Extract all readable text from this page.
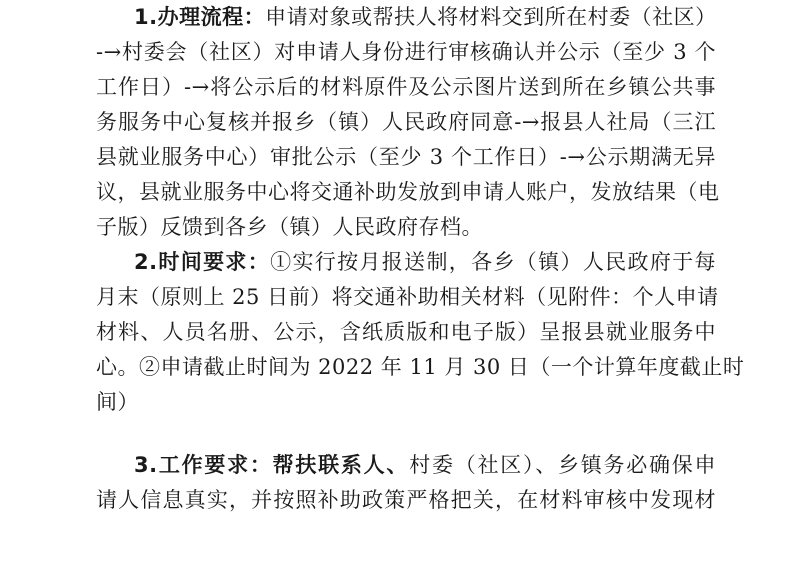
1.办理流程：申请对象或帮扶人将材料交到所在村委（社区）
-→村委会（社区）对申请人身份进行审核确认并公示（至少 3 个
工作日）-→将公示后的材料原件及公示图片送到所在乡镇公共事
务服务中心复核并报乡（镇）人民政府同意-→报县人社局（三江
县就业服务中心）审批公示（至少 3 个工作日）-→公示期满无异
议，县就业服务中心将交通补助发放到申请人账户，发放结果（电
子版）反馈到各乡（镇）人民政府存档。
2.时间要求：①实行按月报送制，各乡（镇）人民政府于每
月末（原则上 25 日前）将交通补助相关材料（见附件：个人申请
材料、人员名册、公示，含纸质版和电子版）呈报县就业服务中
心。②申请截止时间为 2022 年 11 月 30 日（一个计算年度截止时
间）
3.工作要求：帮扶联系人、村委（社区）、乡镇务必确保申
请人信息真实，并按照补助政策严格把关，在材料审核中发现材
